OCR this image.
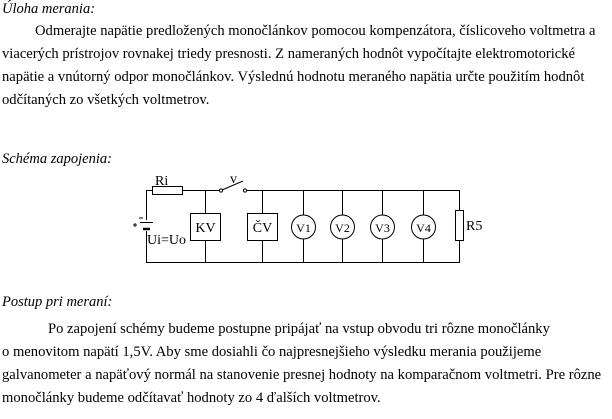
Úloha merania:
Odmerajte napätie predložených monočlánkov pomocou kompenzátora, číslicoveho voltmetra a
viacerých prístrojov rovnakej triedy presnosti. Z nameraných hodnôt vypočítajte elektromotorické
napätie a vnútorný odpor monočlánkov. Výslednú hodnotu meraného napätia určte použitím hodnôt
odčítaných zo všetkých voltmetrov.
Schéma zapojenia:
Ri	v
Ui=Uo
KV	ČV V1 V2 V3 V4	R5
Postup pri meraní:
Po zapojení schémy budeme postupne pripájať na vstup obvodu tri rôzne monočlánky
o menovitom napätí 1,5V. Aby sme dosiahli čo najpresnejšieho výsledku merania použijeme
galvanometer a napäťový normál na stanovenie presnej hodnoty na komparačnom voltmetri. Pre rôzne
monočlánky budeme odčítavať hodnoty zo 4 ďalších voltmetrov.
